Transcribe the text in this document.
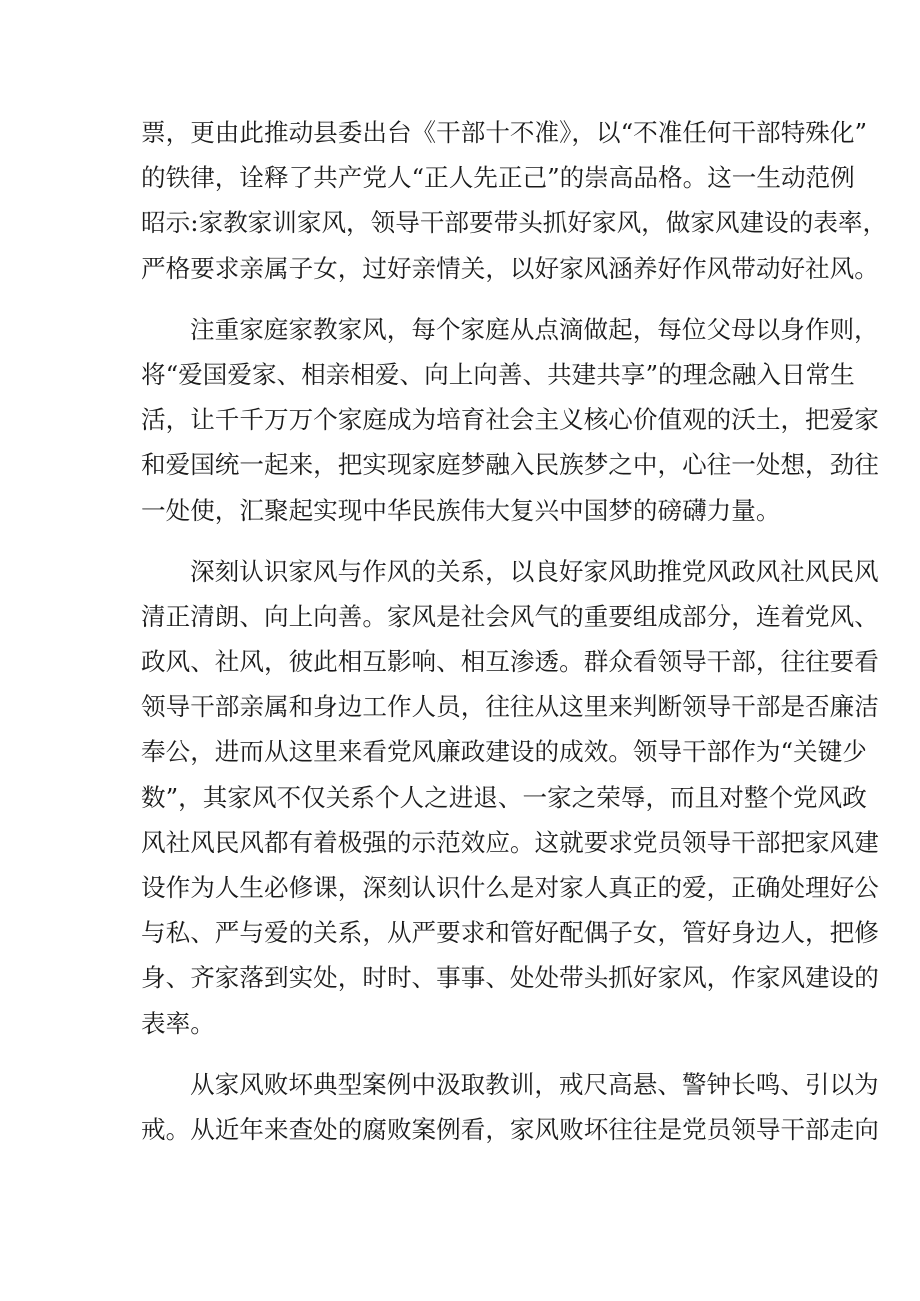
票，更由此推动县委出台《干部十不准》，以“不准任何干部特殊化”
的铁律，诠释了共产党人“正人先正己”的崇高品格。这一生动范例
昭示:家教家训家风，领导干部要带头抓好家风，做家风建设的表率，
严格要求亲属子女，过好亲情关，以好家风涵养好作风带动好社风。
注重家庭家教家风，每个家庭从点滴做起，每位父母以身作则，
将“爱国爱家、相亲相爱、向上向善、共建共享”的理念融入日常生
活，让千千万万个家庭成为培育社会主义核心价值观的沃土，把爱家
和爱国统一起来，把实现家庭梦融入民族梦之中，心往一处想，劲往
一处使，汇聚起实现中华民族伟大复兴中国梦的磅礴力量。
深刻认识家风与作风的关系，以良好家风助推党风政风社风民风
清正清朗、向上向善。家风是社会风气的重要组成部分，连着党风、
政风、社风，彼此相互影响、相互渗透。群众看领导干部，往往要看
领导干部亲属和身边工作人员，往往从这里来判断领导干部是否廉洁
奉公，进而从这里来看党风廉政建设的成效。领导干部作为“关键少
数”，其家风不仅关系个人之进退、一家之荣辱，而且对整个党风政
风社风民风都有着极强的示范效应。这就要求党员领导干部把家风建
设作为人生必修课，深刻认识什么是对家人真正的爱，正确处理好公
与私、严与爱的关系，从严要求和管好配偶子女，管好身边人，把修
身、齐家落到实处，时时、事事、处处带头抓好家风，作家风建设的
表率。
从家风败坏典型案例中汲取教训，戒尺高悬、警钟长鸣、引以为
戒。从近年来查处的腐败案例看，家风败坏往往是党员领导干部走向
